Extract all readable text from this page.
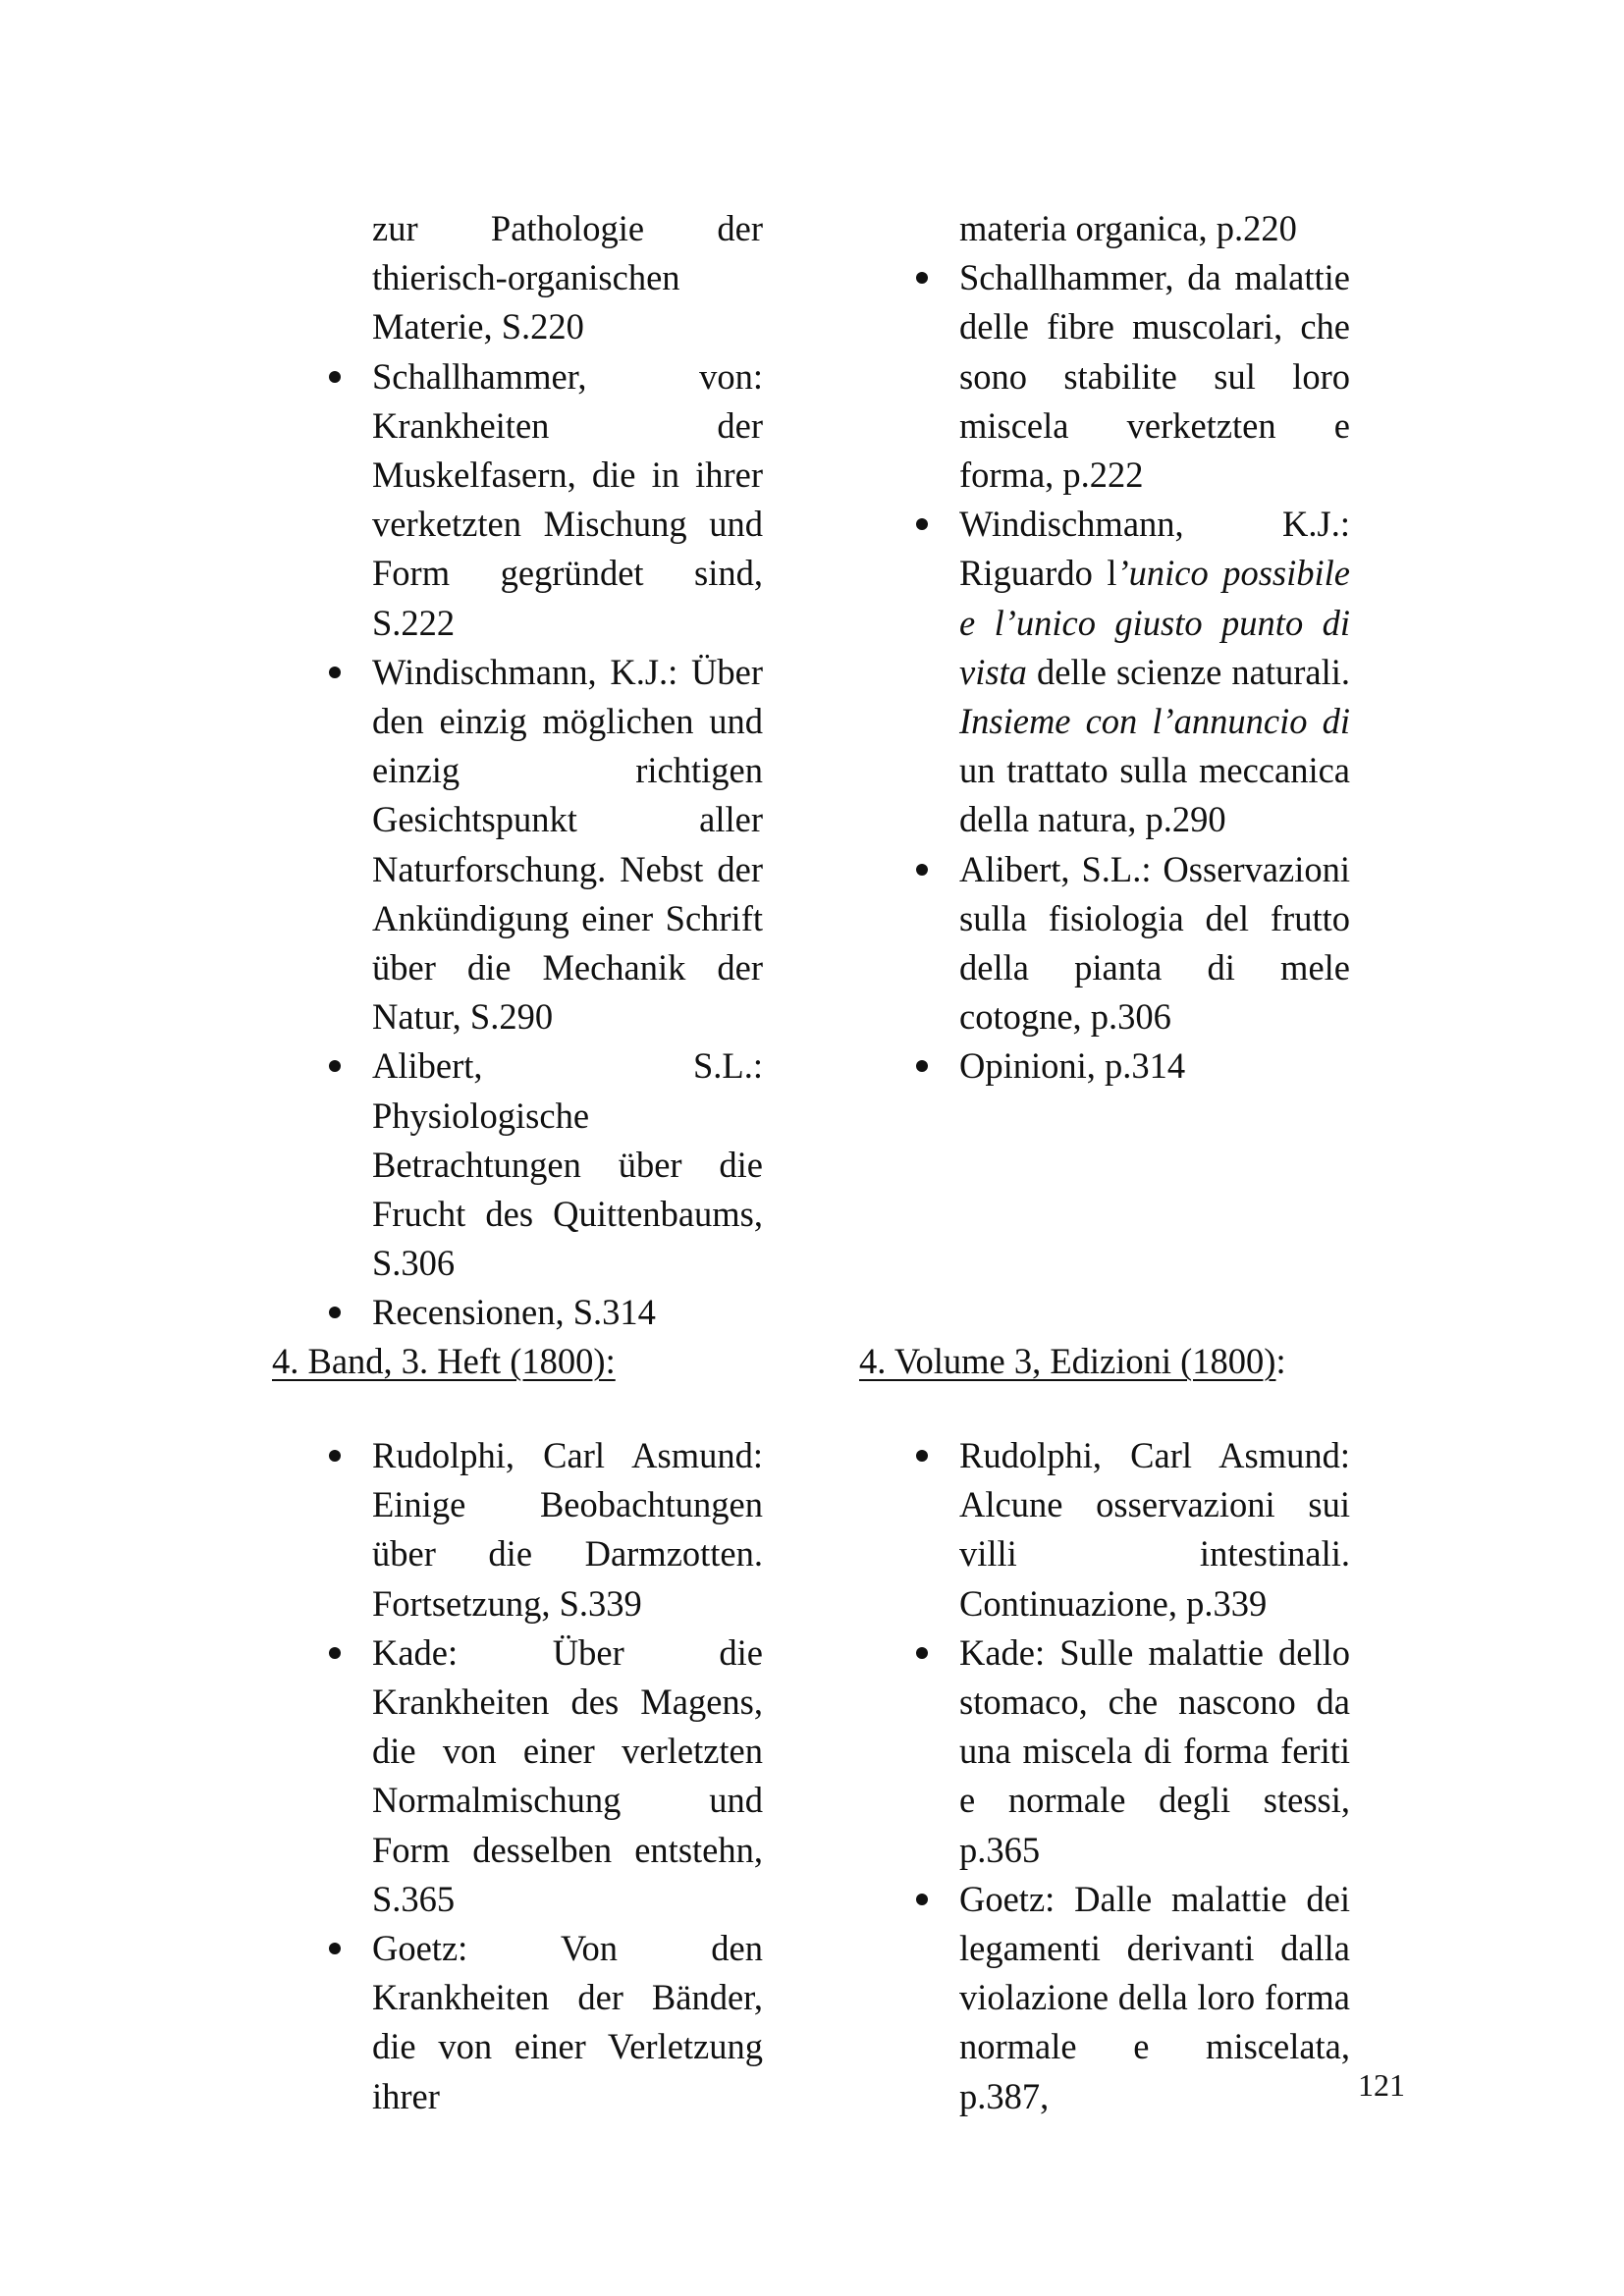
zur Pathologie der thierisch-organischen Materie, S.220
Schallhammer, von: Krankheiten der Muskelfasern, die in ihrer verketzten Mischung und Form gegründet sind, S.222
Windischmann, K.J.: Über den einzig möglichen und einzig richtigen Gesichtspunkt aller Naturforschung. Nebst der Ankündigung einer Schrift über die Mechanik der Natur, S.290
Alibert, S.L.: Physiologische Betrachtungen über die Frucht des Quittenbaums, S.306
Recensionen, S.314
materia organica, p.220
Schallhammer, da malattie delle fibre muscolari, che sono stabilite sul loro miscela verketzten e forma, p.222
Windischmann, K.J.: Riguardo l’unico possibile e l’unico giusto punto di vista delle scienze naturali. Insieme con l’annuncio di un trattato sulla meccanica della natura, p.290
Alibert, S.L.: Osservazioni sulla fisiologia del frutto della pianta di mele cotogne, p.306
Opinioni, p.314
4. Band, 3. Heft (1800):	4. Volume 3, Edizioni (1800):
Rudolphi, Carl Asmund: Einige Beobachtungen über die Darmzotten. Fortsetzung, S.339
Kade: Über die Krankheiten des Magens, die von einer verletzten Normalmischung und Form desselben entstehn, S.365
Goetz: Von den Krankheiten der Bänder, die von einer Verletzung ihrer
Rudolphi, Carl Asmund: Alcune osservazioni sui villi intestinali. Continuazione, p.339
Kade: Sulle malattie dello stomaco, che nascono da una miscela di forma feriti e normale degli stessi, p.365
Goetz: Dalle malattie dei legamenti derivanti dalla violazione della loro forma normale e miscelata, p.387,	121
